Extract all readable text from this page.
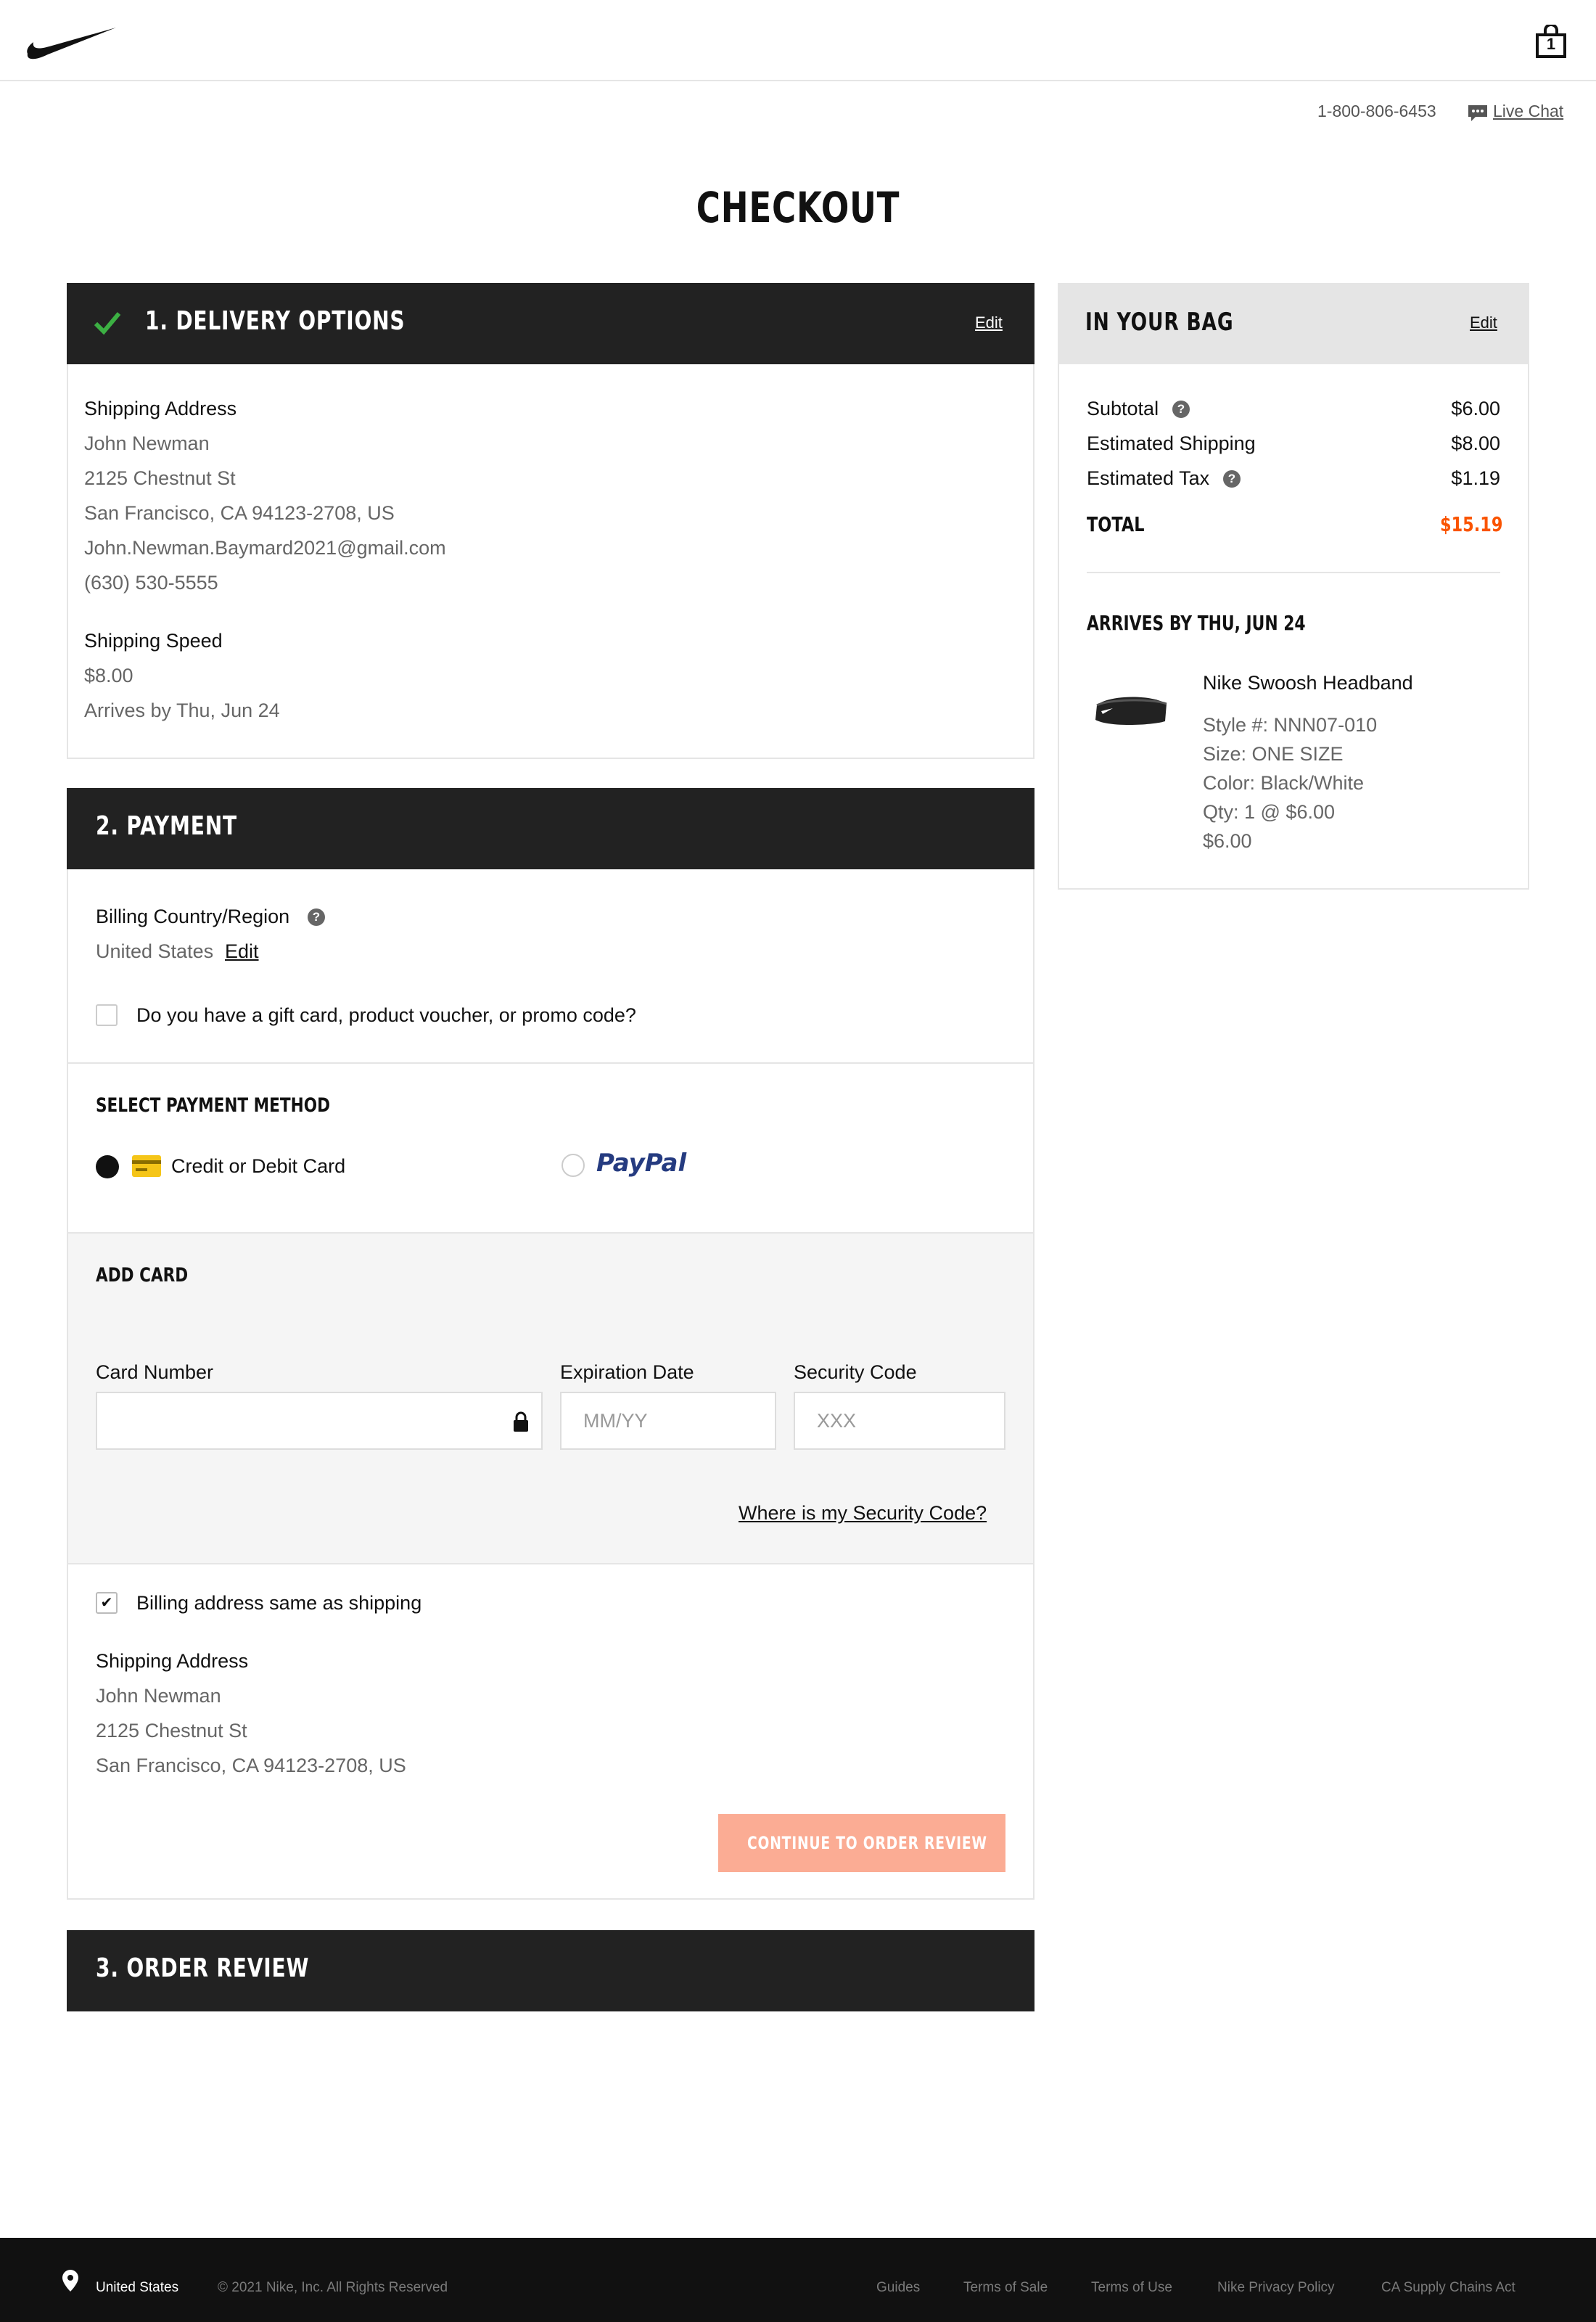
1
1-800-806-6453	Live Chat
CHECKOUT
1. DELIVERY OPTIONS	Edit
Shipping Address
John Newman
2125 Chestnut St
San Francisco, CA 94123-2708, US
John.Newman.Baymard2021@gmail.com
(630) 530-5555
Shipping Speed
$8.00
Arrives by Thu, Jun 24
2. PAYMENT
Billing Country/Region	?
United States Edit
Do you have a gift card, product voucher, or promo code?
SELECT PAYMENT METHOD
Credit or Debit Card	PayPal
ADD CARD
Card Number	Expiration Date
MM/YY
Security Code
XXX
Where is my Security Code?
✔ Billing address same as shipping
Shipping Address
John Newman
2125 Chestnut St
San Francisco, CA 94123-2708, US
CONTINUE TO ORDER REVIEW
3. ORDER REVIEW
IN YOUR BAG	Edit
Subtotal	?	$6.00
Estimated Shipping	$8.00
Estimated Tax	?	$1.19
TOTAL	$15.19
ARRIVES BY THU, JUN 24
Nike Swoosh Headband
Style #: NNN07-010
Size: ONE SIZE
Color: Black/White
Qty: 1 @ $6.00
$6.00
United States	© 2021 Nike, Inc. All Rights Reserved	Guides	Terms of Sale	Terms of Use	Nike Privacy Policy	CA Supply Chains Act
